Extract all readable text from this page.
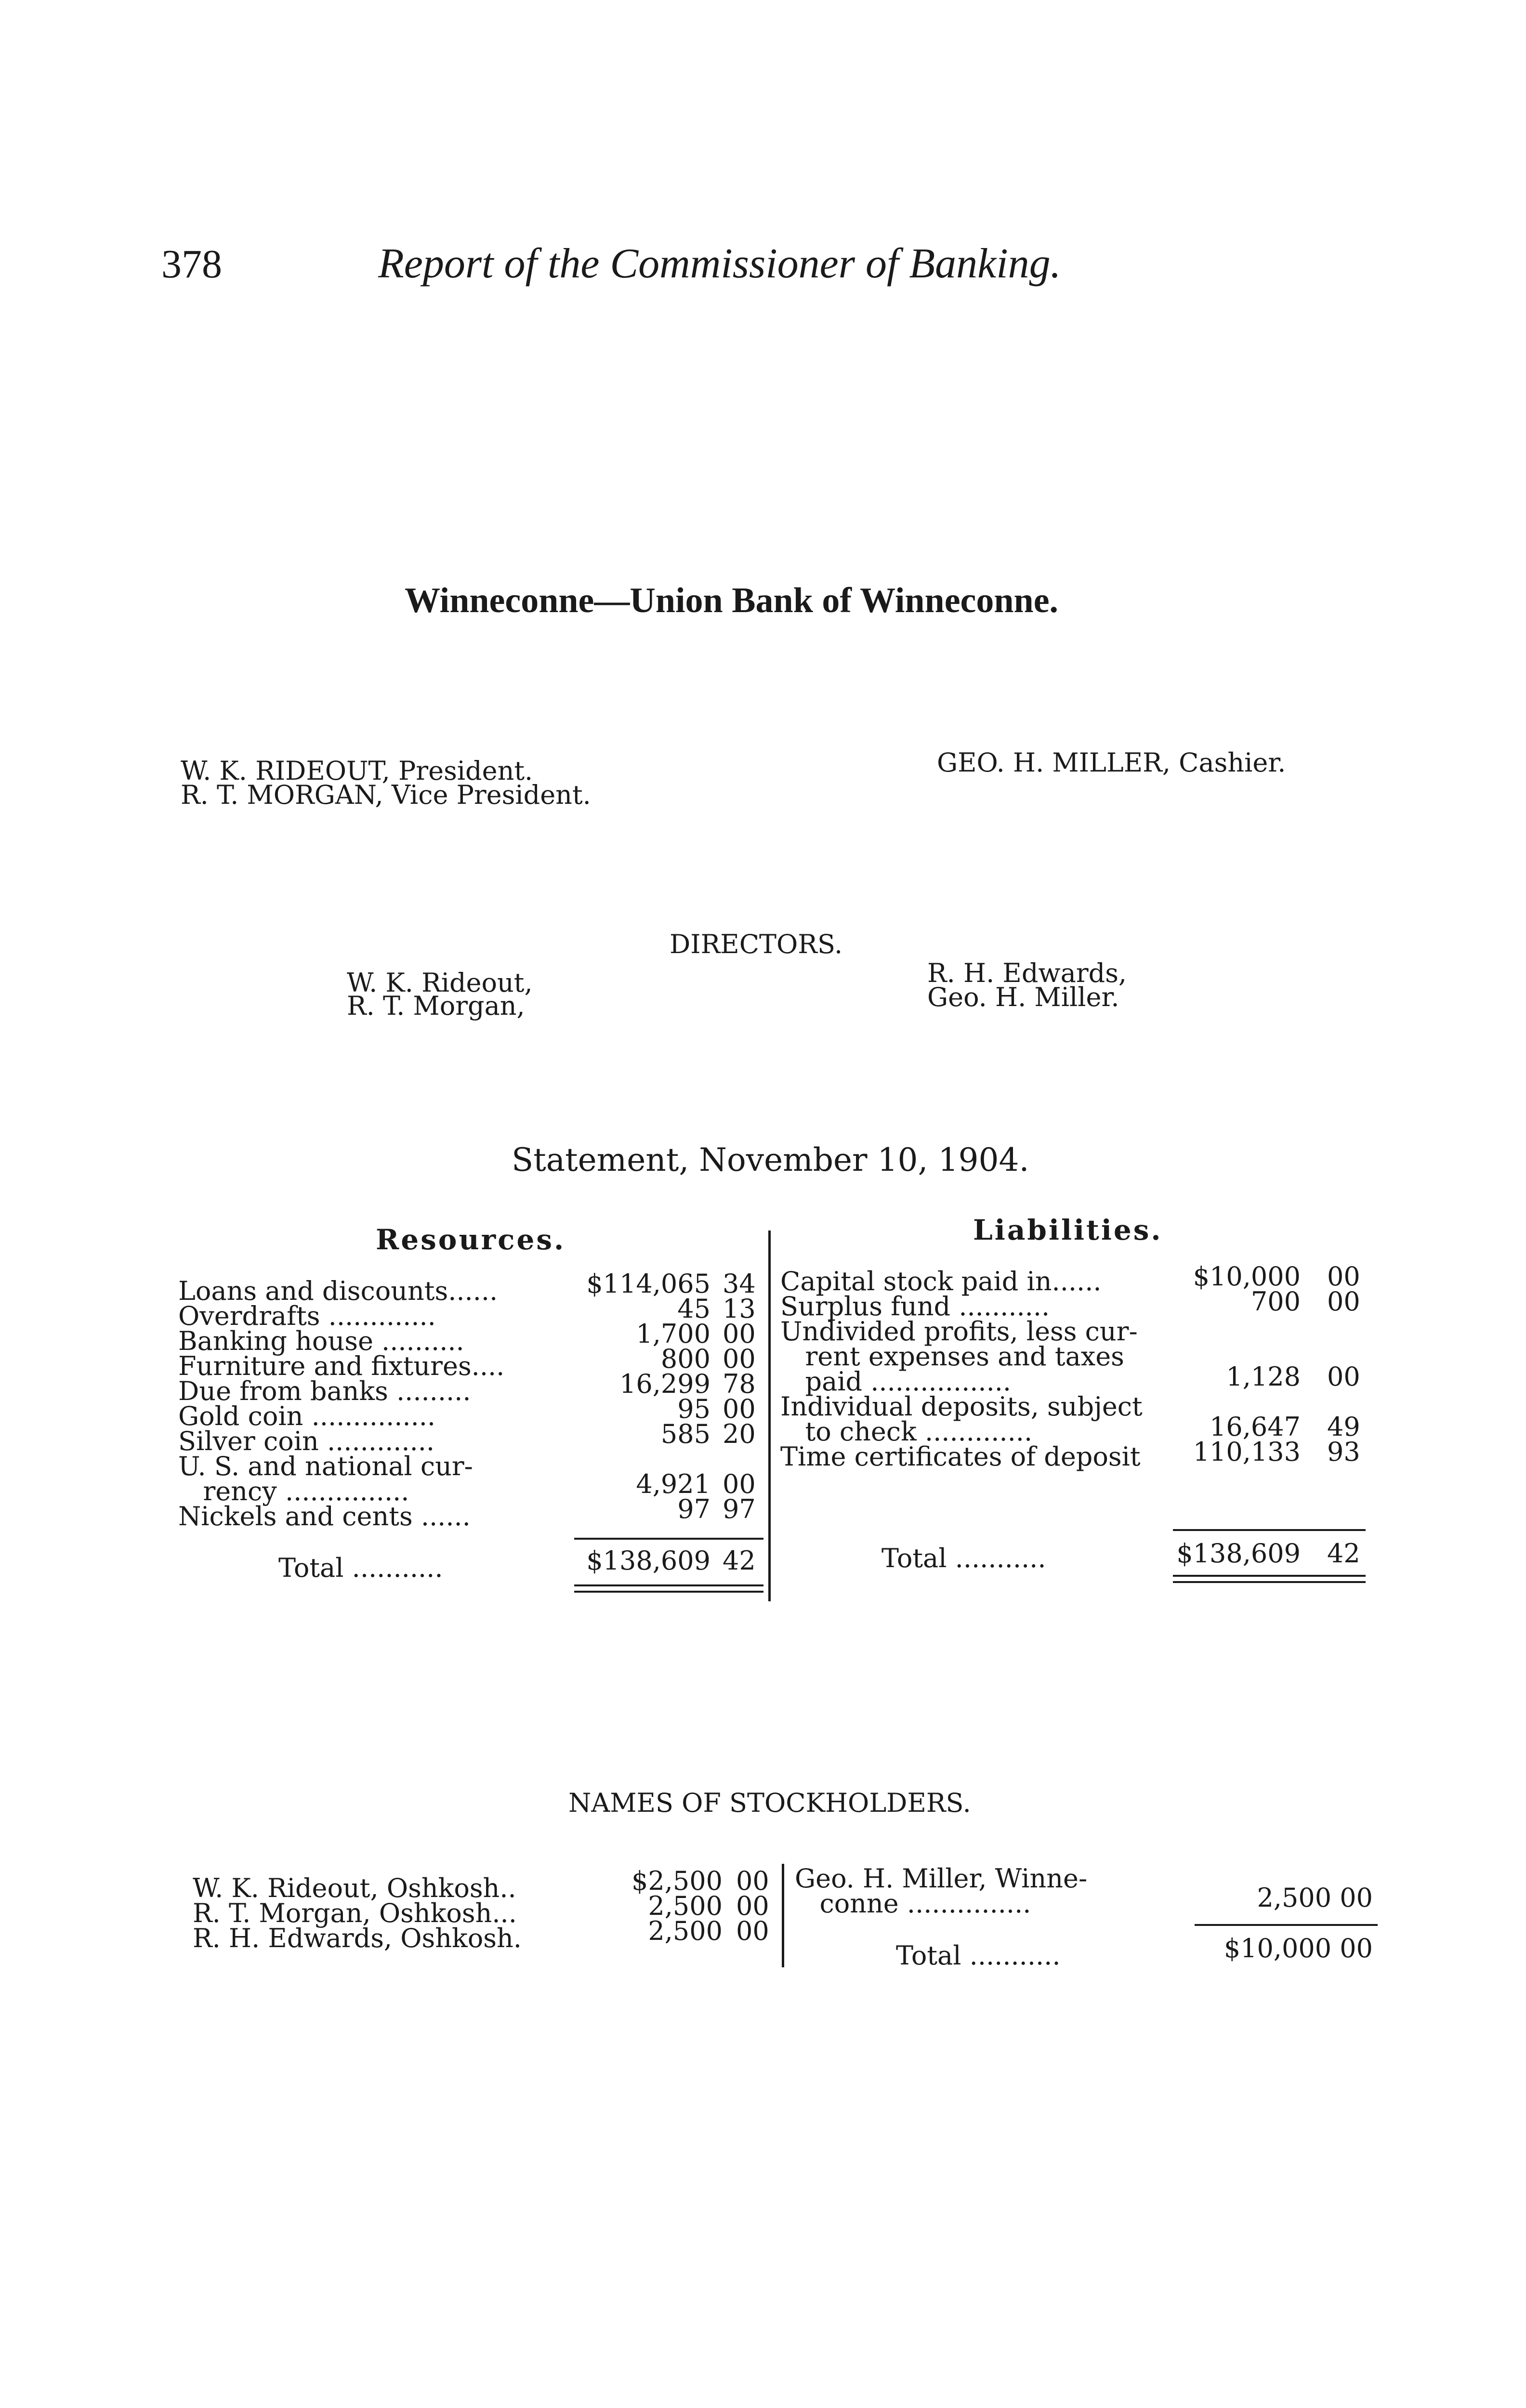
378	Report of the Commissioner of Banking.
Winneconne—Union Bank of Winneconne.
W. K. RIDEOUT, President.
R. T. MORGAN, Vice President.
GEO. H. MILLER, Cashier.
DIRECTORS.
W. K. Rideout,
R. T. Morgan,
R. H. Edwards,
Geo. H. Miller.
Statement, November 10, 1904.
Resources.	Liabilities.
Loans and discounts......	$114,065 34
Overdrafts .............	45 13
Banking house ..........	1,700 00
Furniture and fixtures....	800 00
Due from banks .........	16,299 78
Gold coin ...............	95 00
Silver coin .............	585 20
U. S. and national cur-
rency ...............	4,921 00
Nickels and cents ......	97 97
Total ...........	$138,609 42
Capital stock paid in......	$10,000 00
Surplus fund ...........	700 00
Undivided profits, less cur-
rent expenses and taxes
paid .................	1,128 00
Individual deposits, subject
to check .............	16,647 49
Time certificates of deposit	110,133 93
Total ...........	$138,609 42
NAMES OF STOCKHOLDERS.
W. K. Rideout, Oshkosh..	$2,500 00
R. T. Morgan, Oshkosh...	2,500 00
R. H. Edwards, Oshkosh.	2,500 00
Geo. H. Miller, Winne-
conne ...............	2,500 00
Total ...........	$10,000 00
